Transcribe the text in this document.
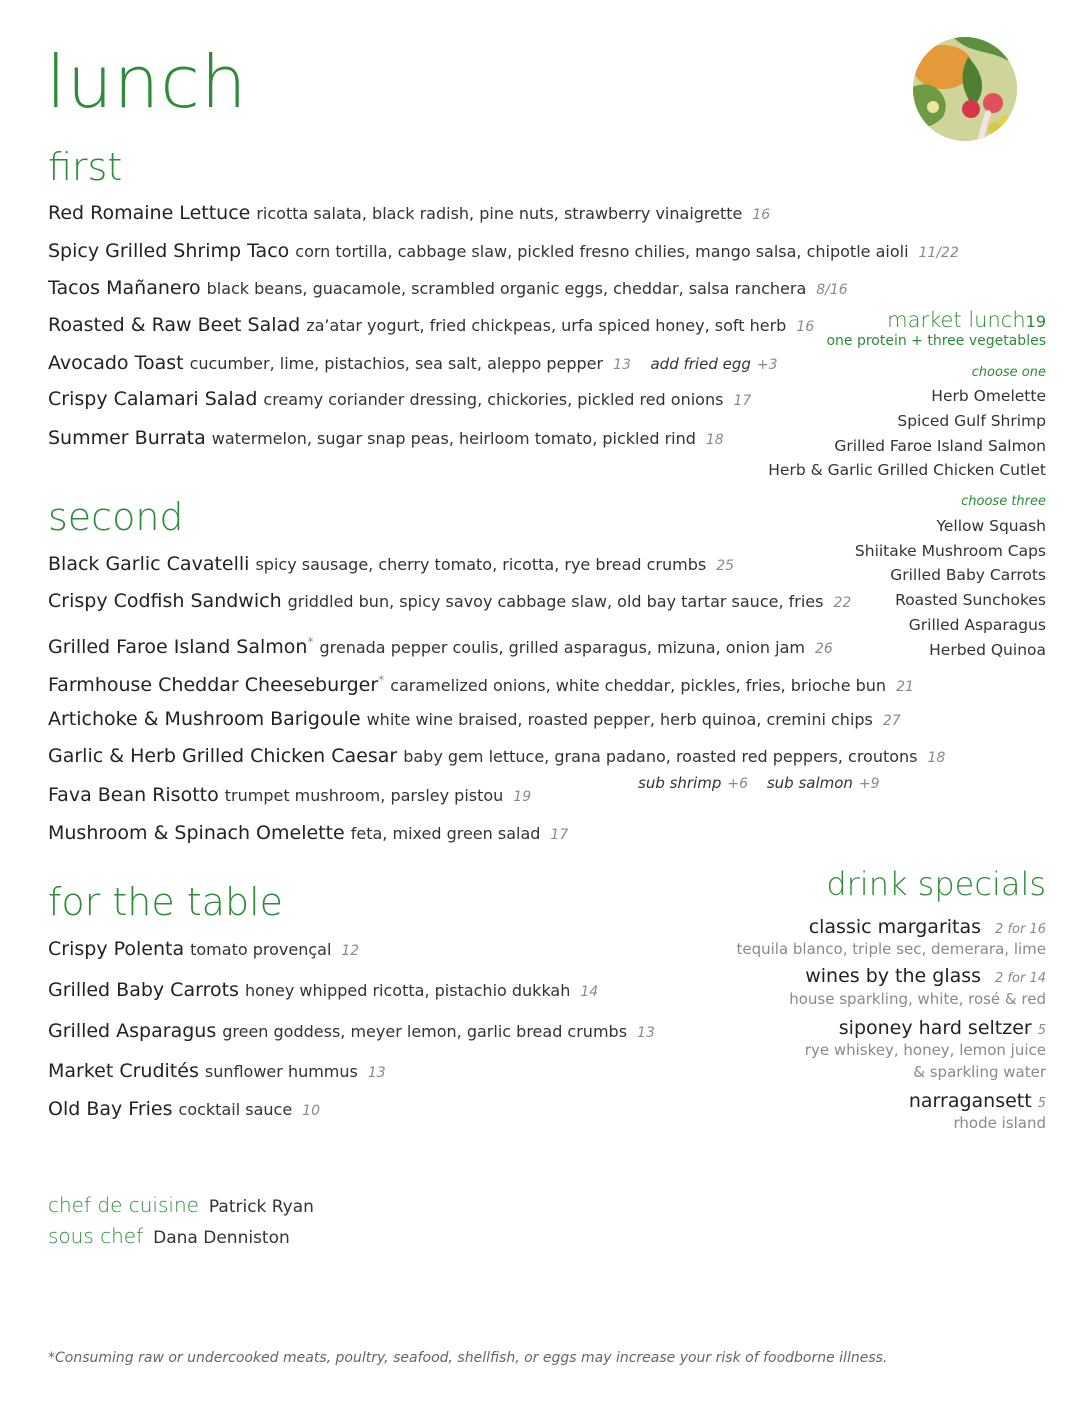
lunch
first
Red Romaine Lettuce ricotta salata, black radish, pine nuts, strawberry vinaigrette 16
Spicy Grilled Shrimp Taco corn tortilla, cabbage slaw, pickled fresno chilies, mango salsa, chipotle aioli 11/22
Tacos Mañanero black beans, guacamole, scrambled organic eggs, cheddar, salsa ranchera 8/16
Roasted & Raw Beet Salad za’atar yogurt, fried chickpeas, urfa spiced honey, soft herb 16
Avocado Toast cucumber, lime, pistachios, sea salt, aleppo pepper 13 add fried egg +3
Crispy Calamari Salad creamy coriander dressing, chickories, pickled red onions 17
Summer Burrata watermelon, sugar snap peas, heirloom tomato, pickled rind 18
market lunch19
one protein + three vegetables
choose one
Herb Omelette
Spiced Gulf Shrimp
Grilled Faroe Island Salmon
Herb & Garlic Grilled Chicken Cutlet
choose three
Yellow Squash
Shiitake Mushroom Caps
Grilled Baby Carrots
Roasted Sunchokes
Grilled Asparagus
Herbed Quinoa
second
Black Garlic Cavatelli spicy sausage, cherry tomato, ricotta, rye bread crumbs 25
Crispy Codfish Sandwich griddled bun, spicy savoy cabbage slaw, old bay tartar sauce, fries 22
Grilled Faroe Island Salmon* grenada pepper coulis, grilled asparagus, mizuna, onion jam 26
Farmhouse Cheddar Cheeseburger* caramelized onions, white cheddar, pickles, fries, brioche bun 21
Artichoke & Mushroom Barigoule white wine braised, roasted pepper, herb quinoa, cremini chips 27
Garlic & Herb Grilled Chicken Caesar baby gem lettuce, grana padano, roasted red peppers, croutons 18
sub shrimp +6 sub salmon +9
Fava Bean Risotto trumpet mushroom, parsley pistou 19
Mushroom & Spinach Omelette feta, mixed green salad 17
for the table
Crispy Polenta tomato provençal 12
Grilled Baby Carrots honey whipped ricotta, pistachio dukkah 14
Grilled Asparagus green goddess, meyer lemon, garlic bread crumbs 13
Market Crudités sunflower hummus 13
Old Bay Fries cocktail sauce 10
drink specials
classic margaritas 2 for 16
tequila blanco, triple sec, demerara, lime
wines by the glass 2 for 14
house sparkling, white, rosé & red
siponey hard seltzer 5
rye whiskey, honey, lemon juice
& sparkling water
narragansett 5
rhode island
chef de cuisine Patrick Ryan
sous chef Dana Denniston
*Consuming raw or undercooked meats, poultry, seafood, shellfish, or eggs may increase your risk of foodborne illness.
